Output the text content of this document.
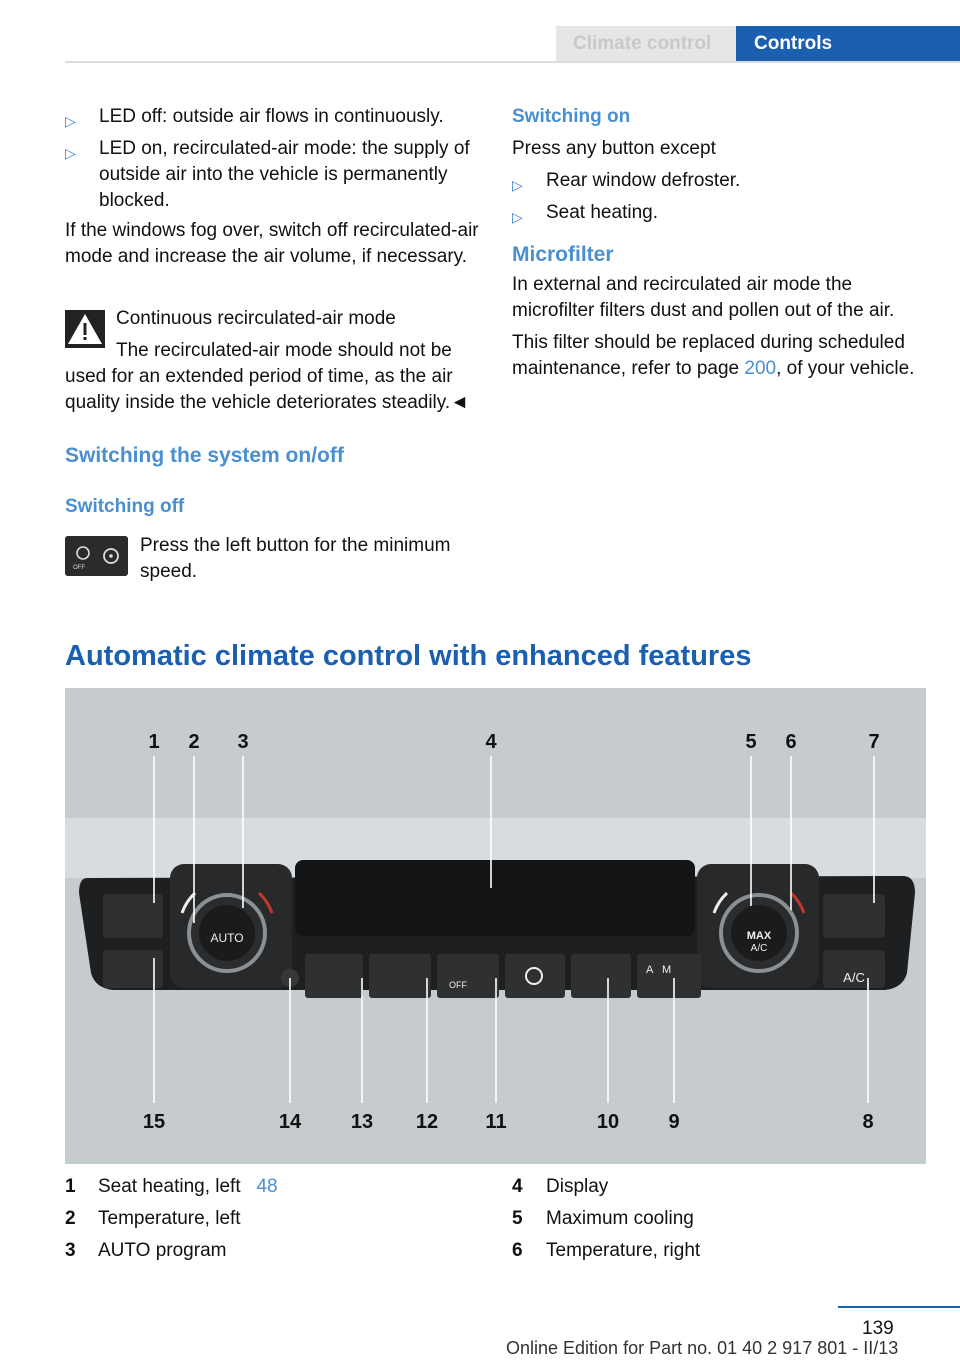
Climate control Controls
▷ LED off: outside air flows in continuously.
▷ LED on, recirculated-air mode: the supply of outside air into the vehicle is permanently blocked.

If the windows fog over, switch off recirculated-air mode and increase the air volume, if necessary.

Continuous recirculated-air mode
The recirculated-air mode should not be used for an extended period of time, as the air quality inside the vehicle deteriorates steadily.◄
Switching the system on/off
Switching off
OFF
Press the left button for the minimum speed.
Switching on
Press any button except
▷ Rear window defroster.
▷ Seat heating.
Microfilter

In external and recirculated air mode the microfilter filters dust and pollen out of the air.

This filter should be replaced during scheduled maintenance, refer to page 200, of your vehicle.

Automatic climate control with enhanced features
AUTO	MAX
A/C
A/C
OFF
A M
1 2 3	4	5 6	7
15	14 13 12 11	10 9	8
1 Seat heating, left 48
2 Temperature, left
3 AUTO program
4 Display
5 Maximum cooling
6 Temperature, right
139
Online Edition for Part no. 01 40 2 917 801 - II/13
